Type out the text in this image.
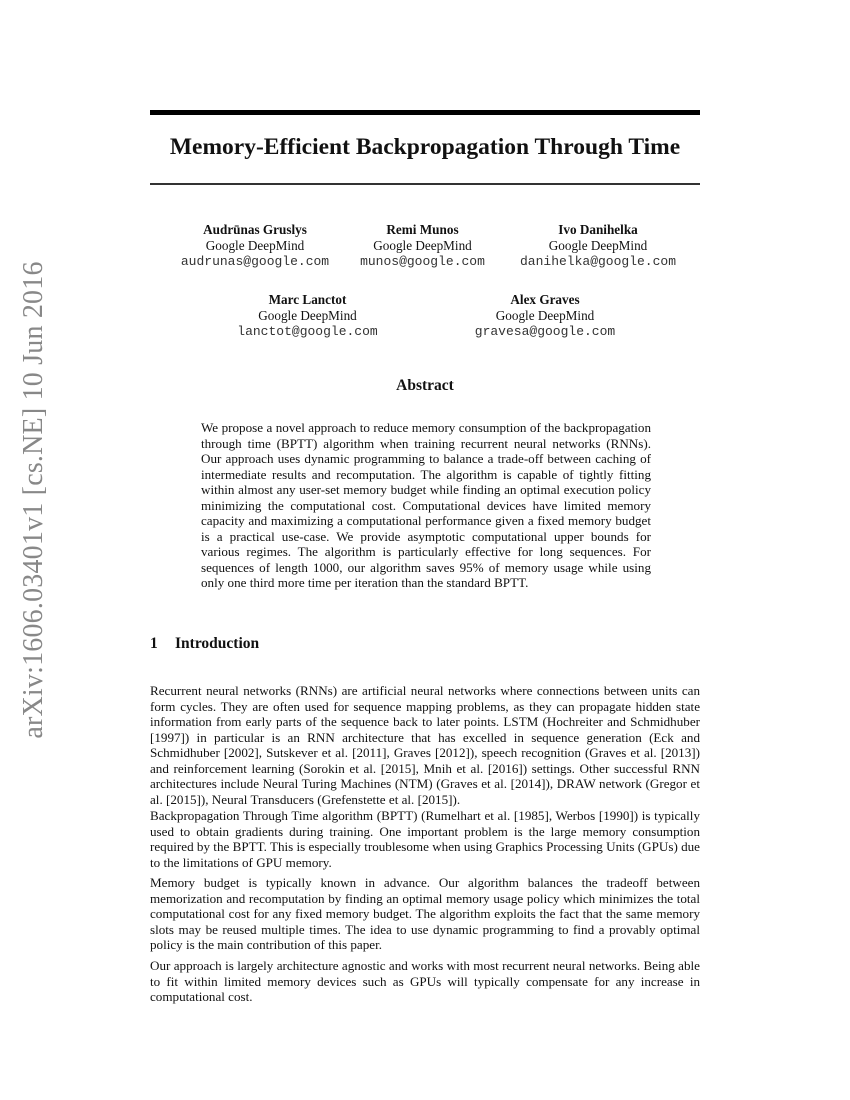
arXiv:1606.03401v1 [cs.NE] 10 Jun 2016
Memory-Efficient Backpropagation Through Time
Audrūnas Gruslys
Google DeepMind
audrunas@google.com
Remi Munos
Google DeepMind
munos@google.com
Ivo Danihelka
Google DeepMind
danihelka@google.com
Marc Lanctot
Google DeepMind
lanctot@google.com
Alex Graves
Google DeepMind
gravesa@google.com
Abstract

We propose a novel approach to reduce memory consumption of the backpropagation through time (BPTT) algorithm when training recurrent neural networks (RNNs). Our approach uses dynamic programming to balance a trade-off between caching of intermediate results and recomputation. The algorithm is capable of tightly fitting within almost any user-set memory budget while finding an optimal execution policy minimizing the computational cost. Computational devices have limited memory capacity and maximizing a computational performance given a fixed memory budget is a practical use-case. We provide asymptotic computational upper bounds for various regimes. The algorithm is particularly effective for long sequences. For sequences of length 1000, our algorithm saves 95% of memory usage while using only one third more time per iteration than the standard BPTT.

1 Introduction

Recurrent neural networks (RNNs) are artificial neural networks where connections between units can form cycles. They are often used for sequence mapping problems, as they can propagate hidden state information from early parts of the sequence back to later points. LSTM (Hochreiter and Schmidhuber [1997]) in particular is an RNN architecture that has excelled in sequence generation (Eck and Schmidhuber [2002], Sutskever et al. [2011], Graves [2012]), speech recognition (Graves et al. [2013]) and reinforcement learning (Sorokin et al. [2015], Mnih et al. [2016]) settings. Other successful RNN architectures include Neural Turing Machines (NTM) (Graves et al. [2014]), DRAW network (Gregor et al. [2015]), Neural Transducers (Grefenstette et al. [2015]).

Backpropagation Through Time algorithm (BPTT) (Rumelhart et al. [1985], Werbos [1990]) is typically used to obtain gradients during training. One important problem is the large memory consumption required by the BPTT. This is especially troublesome when using Graphics Processing Units (GPUs) due to the limitations of GPU memory.

Memory budget is typically known in advance. Our algorithm balances the tradeoff between memorization and recomputation by finding an optimal memory usage policy which minimizes the total computational cost for any fixed memory budget. The algorithm exploits the fact that the same memory slots may be reused multiple times. The idea to use dynamic programming to find a provably optimal policy is the main contribution of this paper.

Our approach is largely architecture agnostic and works with most recurrent neural networks. Being able to fit within limited memory devices such as GPUs will typically compensate for any increase in computational cost.
